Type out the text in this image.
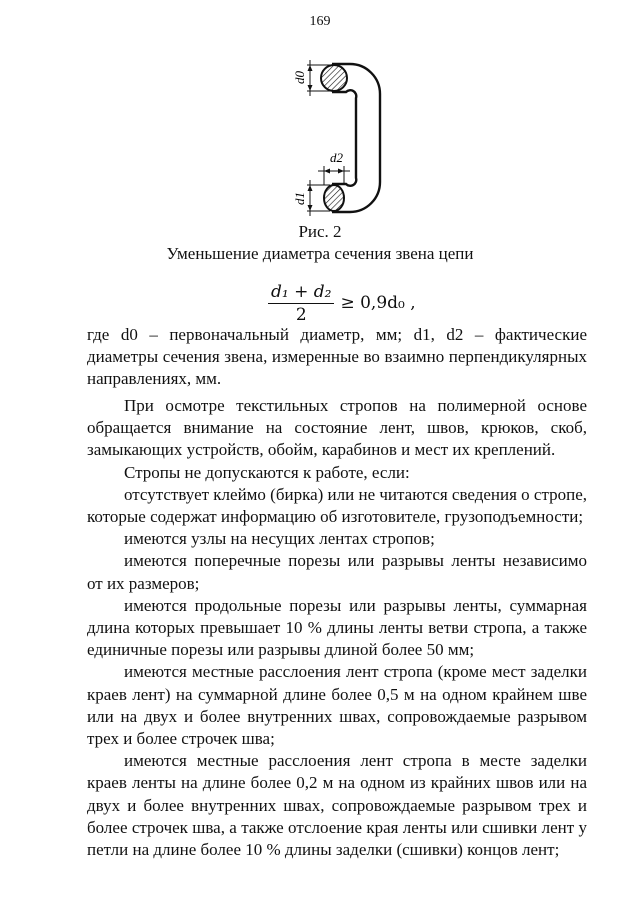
169
d0
d2
d1
Рис. 2
Уменьшение диаметра сечения звена цепи
$\frac{\text{d₁ + d₂}}{2} \ge 0,9d_0$ ,

где d0 – первоначальный диаметр, мм; d1, d2 – фактические диаметры сечения звена, измеренные во взаимно перпендикулярных направлениях, мм.

При осмотре текстильных стропов на полимерной основе обращается внимание на состояние лент, швов, крюков, скоб, замыкающих устройств, обойм, карабинов и мест их креплений.

Стропы не допускаются к работе, если:

отсутствует клеймо (бирка) или не читаются сведения о стропе, которые содержат информацию об изготовителе, грузоподъемности;

имеются узлы на несущих лентах стропов;

имеются поперечные порезы или разрывы ленты независимо от их размеров;

имеются продольные порезы или разрывы ленты, суммарная длина которых превышает 10 % длины ленты ветви стропа, а также единичные порезы или разрывы длиной более 50 мм;

имеются местные расслоения лент стропа (кроме мест заделки краев лент) на суммарной длине более 0,5 м на одном крайнем шве или на двух и более внутренних швах, сопровождаемые разрывом трех и более строчек шва;

имеются местные расслоения лент стропа в месте заделки краев ленты на длине более 0,2 м на одном из крайних швов или на двух и более внутренних швах, сопровождаемые разрывом трех и более строчек шва, а также отслоение края ленты или сшивки лент у петли на длине более 10 % длины заделки (сшивки) концов лент;
